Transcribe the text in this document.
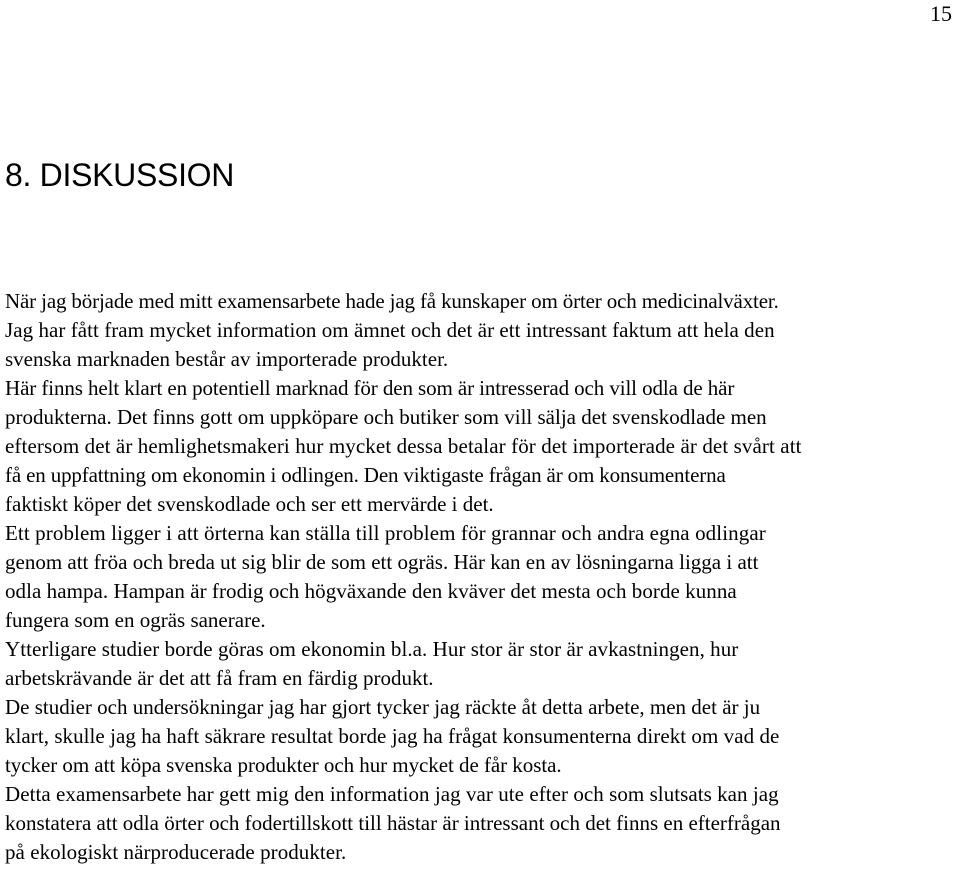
15
8. DISKUSSION
När jag började med mitt examensarbete hade jag få kunskaper om örter och medicinalväxter.
Jag har fått fram mycket information om ämnet och det är ett intressant faktum att hela den
svenska marknaden består av importerade produkter.
Här finns helt klart en potentiell marknad för den som är intresserad och vill odla de här
produkterna. Det finns gott om uppköpare och butiker som vill sälja det svenskodlade men
eftersom det är hemlighetsmakeri hur mycket dessa betalar för det importerade är det svårt att
få en uppfattning om ekonomin i odlingen. Den viktigaste frågan är om konsumenterna
faktiskt köper det svenskodlade och ser ett mervärde i det.
Ett problem ligger i att örterna kan ställa till problem för grannar och andra egna odlingar
genom att fröa och breda ut sig blir de som ett ogräs. Här kan en av lösningarna ligga i att
odla hampa. Hampan är frodig och högväxande den kväver det mesta och borde kunna
fungera som en ogräs sanerare.
Ytterligare studier borde göras om ekonomin bl.a. Hur stor är stor är avkastningen, hur
arbetskrävande är det att få fram en färdig produkt.
De studier och undersökningar jag har gjort tycker jag räckte åt detta arbete, men det är ju
klart, skulle jag ha haft säkrare resultat borde jag ha frågat konsumenterna direkt om vad de
tycker om att köpa svenska produkter och hur mycket de får kosta.
Detta examensarbete har gett mig den information jag var ute efter och som slutsats kan jag
konstatera att odla örter och fodertillskott till hästar är intressant och det finns en efterfrågan
på ekologiskt närproducerade produkter.
